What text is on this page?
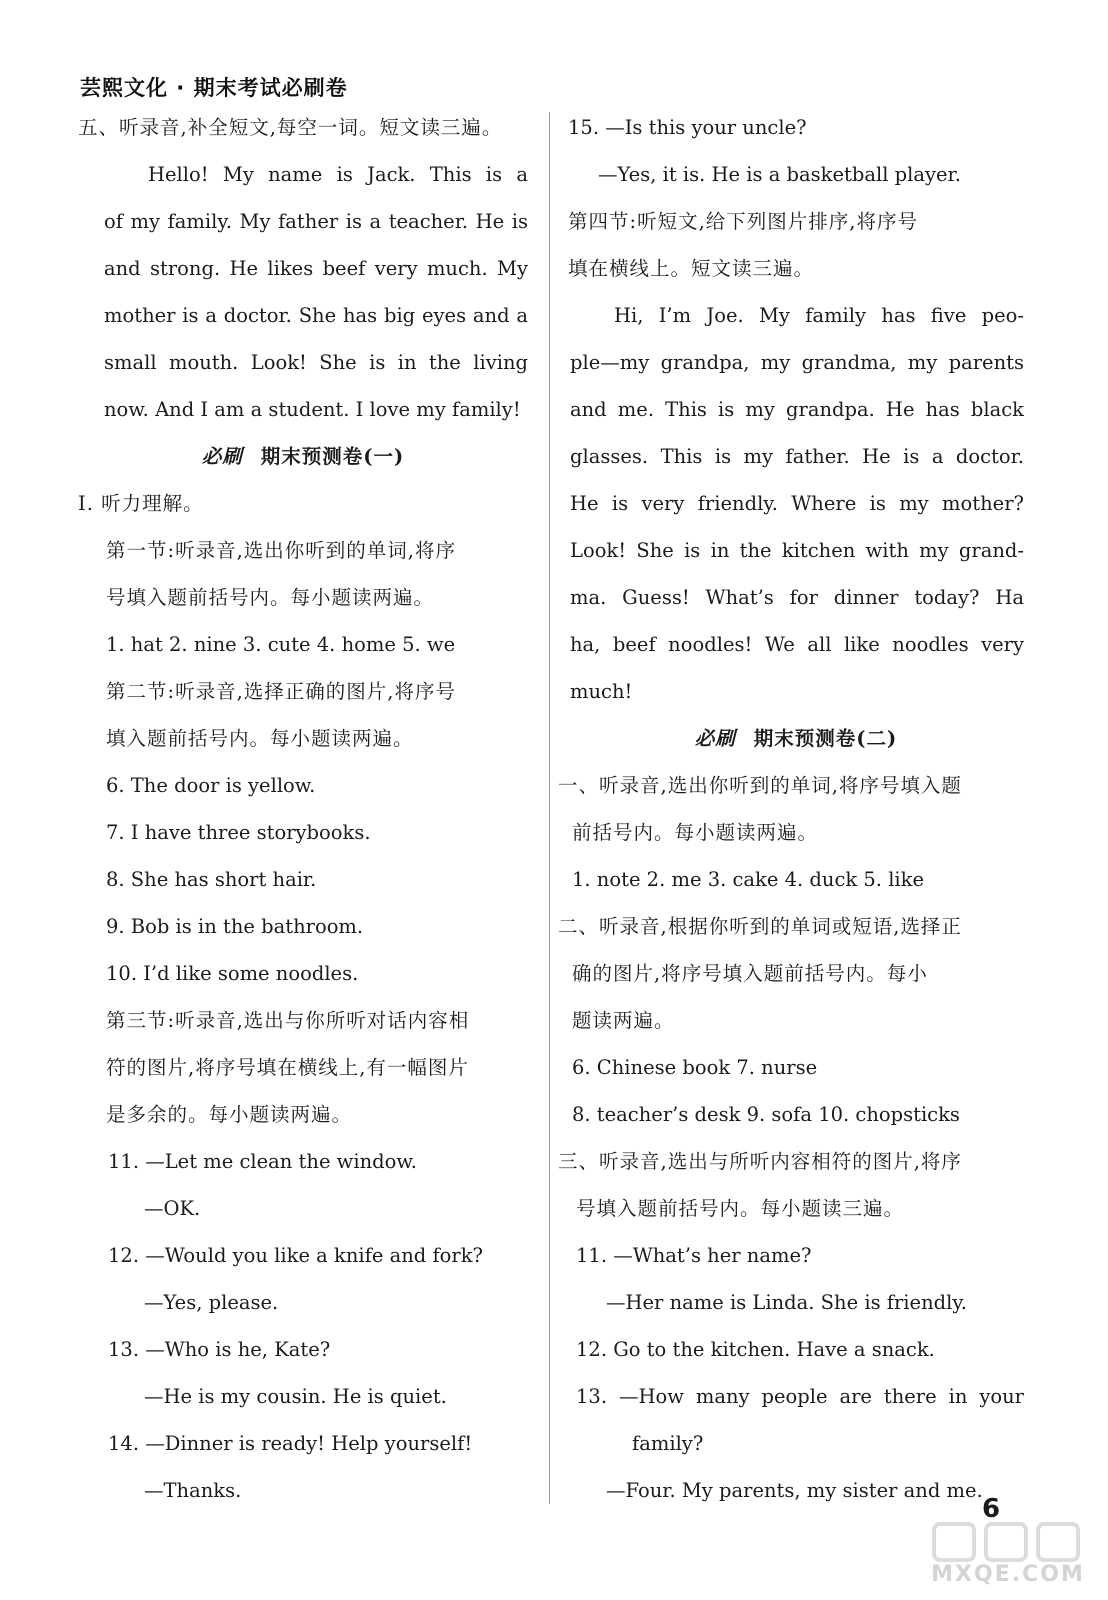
芸熙文化 · 期末考试必刷卷
五、听录音,补全短文,每空一词。短文读三遍。
Hello! My name is Jack. This is a
of my family. My father is a teacher. He is
and strong. He likes beef very much. My
mother is a doctor. She has big eyes and a
small mouth. Look! She is in the living
now. And I am a student. I love my family!
必刷 期末预测卷(一)
Ⅰ. 听力理解。
第一节:听录音,选出你听到的单词,将序
号填入题前括号内。每小题读两遍。
1. hat 2. nine 3. cute 4. home 5. we
第二节:听录音,选择正确的图片,将序号
填入题前括号内。每小题读两遍。
6. The door is yellow.
7. I have three storybooks.
8. She has short hair.
9. Bob is in the bathroom.
10. I’d like some noodles.
第三节:听录音,选出与你所听对话内容相
符的图片,将序号填在横线上,有一幅图片
是多余的。每小题读两遍。
11. —Let me clean the window.
—OK.
12. —Would you like a knife and fork?
—Yes, please.
13. —Who is he, Kate?
—He is my cousin. He is quiet.
14. —Dinner is ready! Help yourself!
—Thanks.
15. —Is this your uncle?
—Yes, it is. He is a basketball player.
第四节:听短文,给下列图片排序,将序号
填在横线上。短文读三遍。
Hi, I’m Joe. My family has five peo-
ple—my grandpa, my grandma, my parents
and me. This is my grandpa. He has black
glasses. This is my father. He is a doctor.
He is very friendly. Where is my mother?
Look! She is in the kitchen with my grand-
ma. Guess! What’s for dinner today? Ha
ha, beef noodles! We all like noodles very
much!
必刷 期末预测卷(二)
一、听录音,选出你听到的单词,将序号填入题
前括号内。每小题读两遍。
1. note 2. me 3. cake 4. duck 5. like
二、听录音,根据你听到的单词或短语,选择正
确的图片,将序号填入题前括号内。每小
题读两遍。
6. Chinese book 7. nurse
8. teacher’s desk 9. sofa 10. chopsticks
三、听录音,选出与所听内容相符的图片,将序
号填入题前括号内。每小题读三遍。
11. —What’s her name?
—Her name is Linda. She is friendly.
12. Go to the kitchen. Have a snack.
13. —How many people are there in your
family?
—Four. My parents, my sister and me.
6
MXQE.COM
